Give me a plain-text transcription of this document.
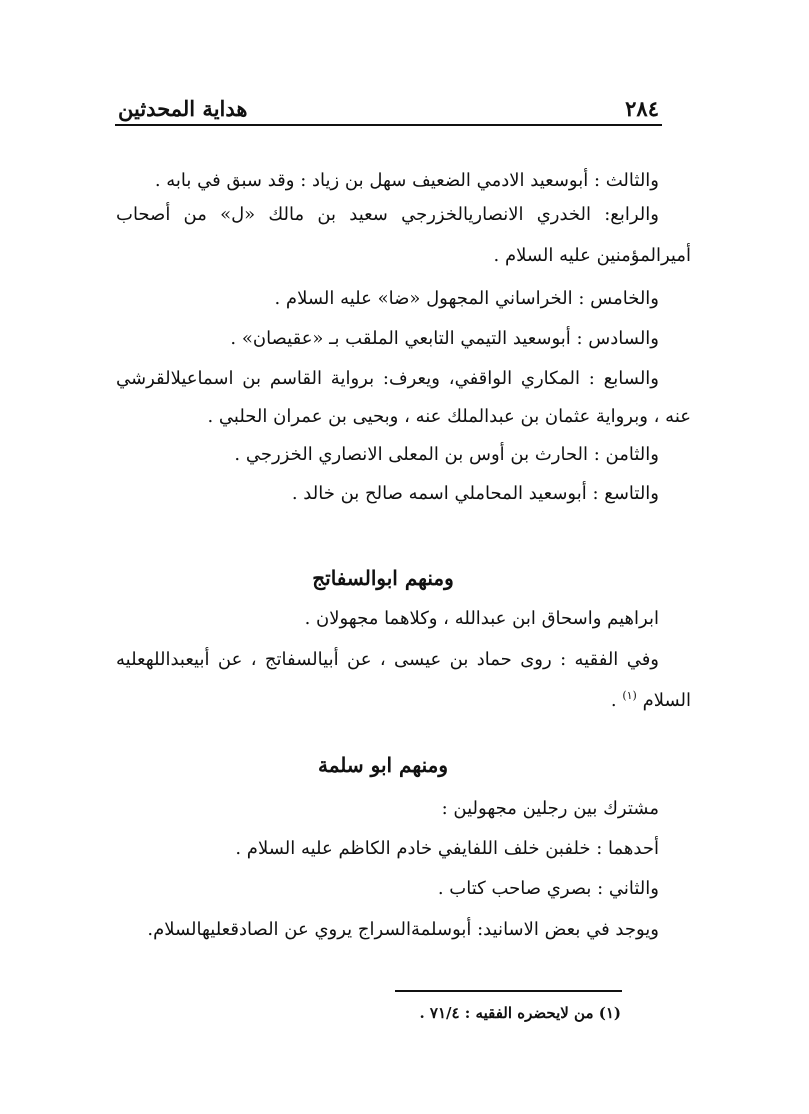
٢٨٤
هداية المحدثين
والثالث : أبوسعيد الادمي الضعيف سهل بن زياد : وقد سبق في بابه .
والرابع: الخدري الانصاريالخزرجي سعيد بن مالك «ل» من أصحاب
أميرالمؤمنين عليه السلام .
والخامس : الخراساني المجهول «ضا» عليه السلام .
والسادس : أبوسعيد التيمي التابعي الملقب بـ «عقيصان» .
والسابع : المكاري الواقفي، ويعرف: برواية القاسم بن اسماعيلالقرشي
عنه ، وبرواية عثمان بن عبدالملك عنه ، وبحيى بن عمران الحلبي .
والثامن : الحارث بن أوس بن المعلى الانصاري الخزرجي .
والتاسع : أبوسعيد المحاملي اسمه صالح بن خالد .
ومنهم ابوالسفاتج
ابراهيم واسحاق ابن عبدالله ، وكلاهما مجهولان .
وفي الفقيه : روى حماد بن عيسى ، عن أبيالسفاتج ، عن أبيعبداللهعليه
السلام $^{(١)}$ .
ومنهم ابو سلمة
مشترك بين رجلين مجهولين :
أحدهما : خلفبن خلف اللفايفي خادم الكاظم عليه السلام .
والثاني : بصري صاحب كتاب .
ويوجد في بعض الاسانيد: أبوسلمةالسراج يروي عن الصادقعليهالسلام.
(١) من لايحضره الفقيه : ٧١/٤ .
